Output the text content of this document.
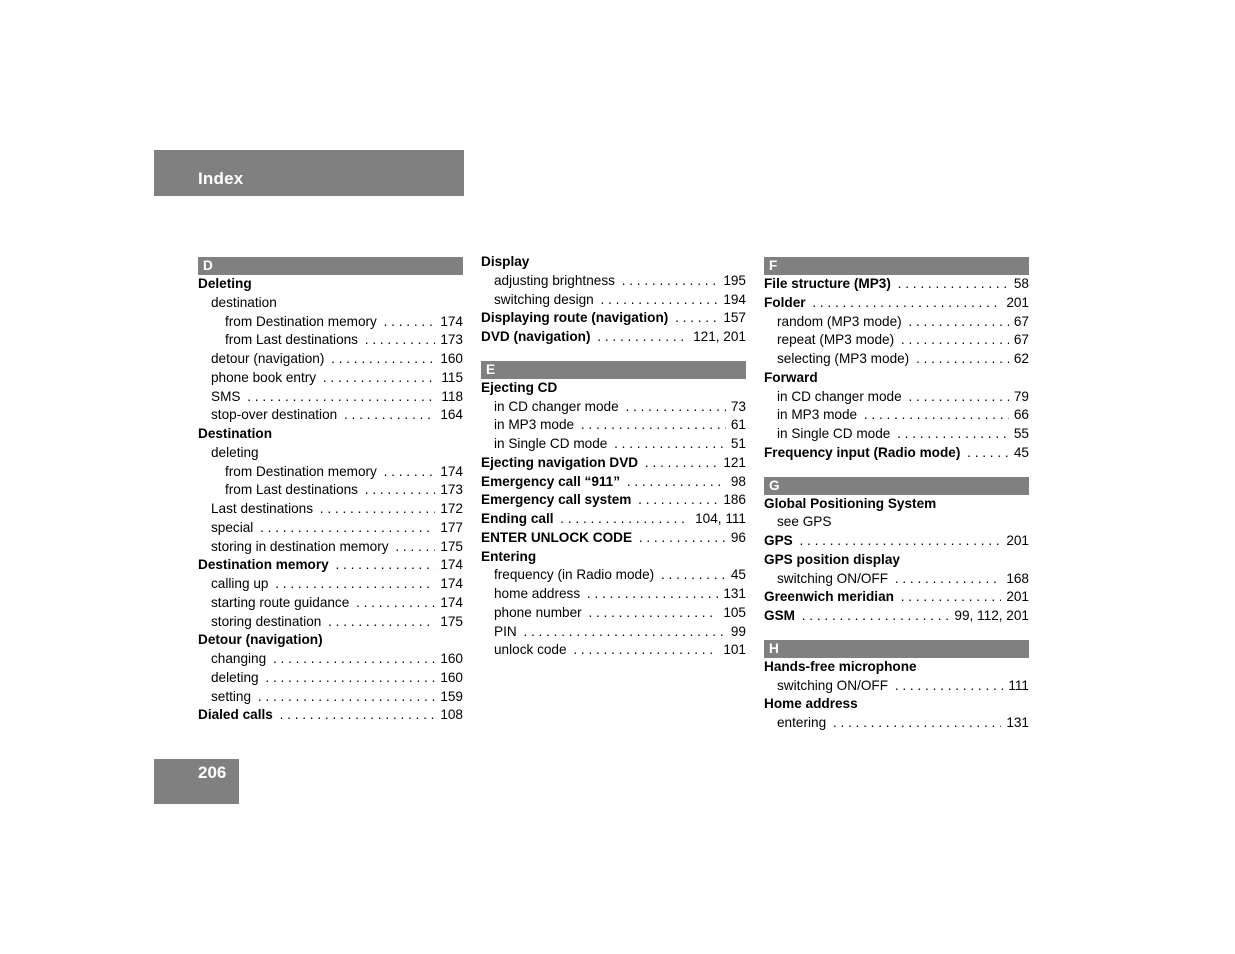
Index
D
Deleting
destination
from Destination memory . . .	174
from Last destinations . . .	173
detour (navigation) . . .	160
phone book entry . . .	115
SMS . . .	118
stop-over destination . . .	164
Destination
deleting
from Destination memory . . .	174
from Last destinations . . .	173
Last destinations . . .	172
special . . .	177
storing in destination memory . . .	175
Destination memory . . .	174
calling up . . .	174
starting route guidance . . .	174
storing destination . . .	175
Detour (navigation)
changing . . .	160
deleting . . .	160
setting . . .	159
Dialed calls . . .	108
Display
adjusting brightness . . .	195
switching design . . .	194
Displaying route (navigation) . . .	157
DVD (navigation) . . .	121, 201
E
Ejecting CD
in CD changer mode . . .	73
in MP3 mode . . .	61
in Single CD mode . . .	51
Ejecting navigation DVD . . .	121
Emergency call “911” . . .	98
Emergency call system . . .	186
Ending call . . .	104, 111
ENTER UNLOCK CODE . . .	96
Entering
frequency (in Radio mode) . . .	45
home address . . .	131
phone number . . .	105
PIN . . .	99
unlock code . . .	101
F
File structure (MP3) . . .	58
Folder . . .	201
random (MP3 mode) . . .	67
repeat (MP3 mode) . . .	67
selecting (MP3 mode) . . .	62
Forward
in CD changer mode . . .	79
in MP3 mode . . .	66
in Single CD mode . . .	55
Frequency input (Radio mode) . . .	45
G
Global Positioning System
see GPS
GPS . . .	201
GPS position display
switching ON/OFF . . .	168
Greenwich meridian . . .	201
GSM . . .	99, 112, 201
H
Hands-free microphone
switching ON/OFF . . .	111
Home address
entering . . .	131
206
